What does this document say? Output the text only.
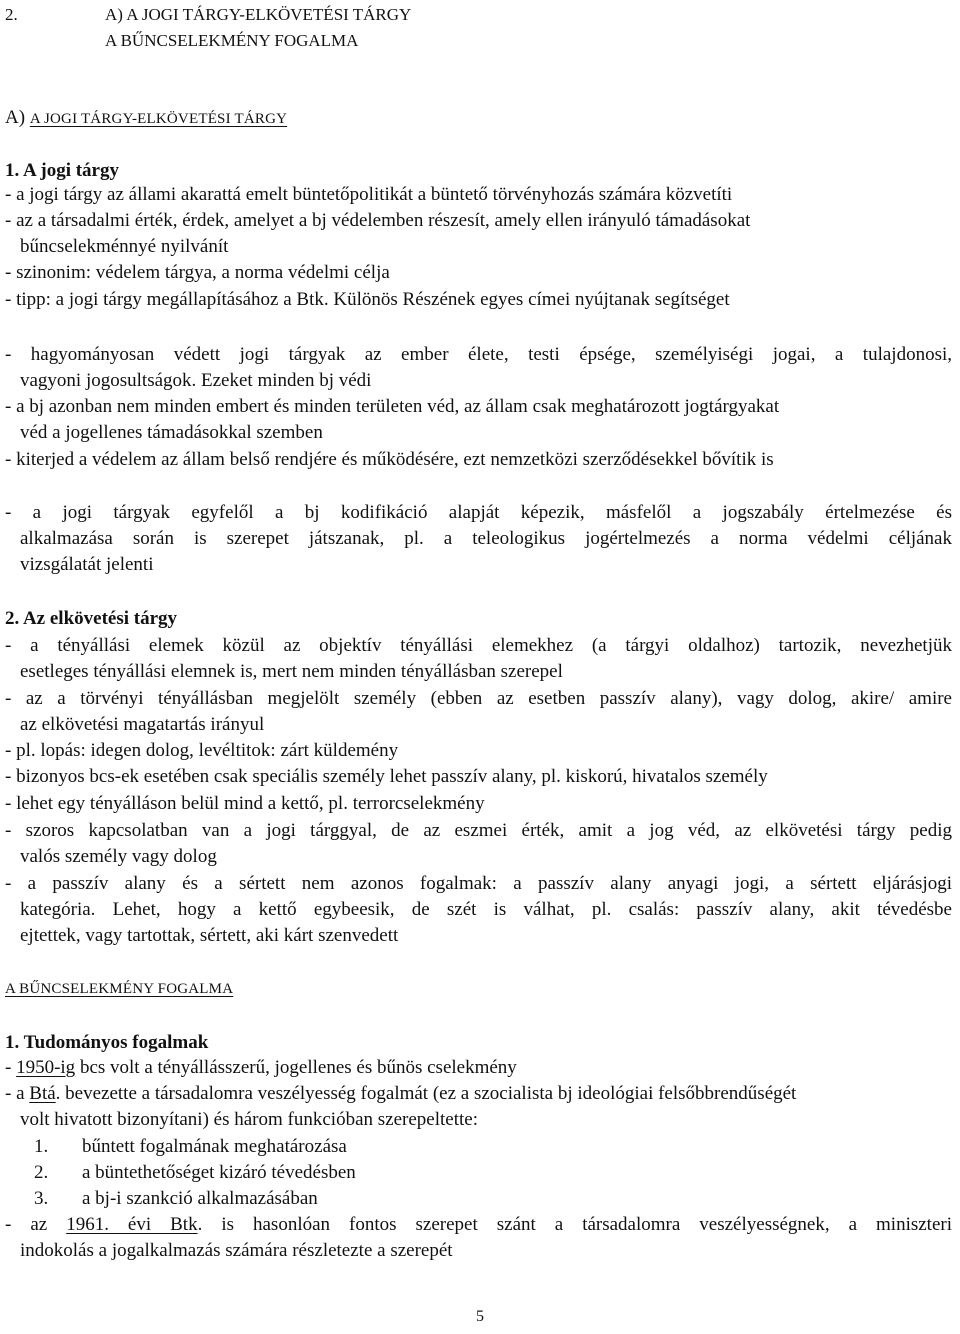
2.	A) A JOGI TÁRGY-ELKÖVETÉSI TÁRGY
A BŰNCSELEKMÉNY FOGALMA
A) A JOGI TÁRGY-ELKÖVETÉSI TÁRGY
1. A jogi tárgy
- a jogi tárgy az állami akarattá emelt büntetőpolitikát a büntető törvényhozás számára közvetíti
- az a társadalmi érték, érdek, amelyet a bj védelemben részesít, amely ellen irányuló támadásokat
bűncselekménnyé nyilvánít
- szinonim: védelem tárgya, a norma védelmi célja
- tipp: a jogi tárgy megállapításához a Btk. Különös Részének egyes címei nyújtanak segítséget
- hagyományosan védett jogi tárgyak az ember élete, testi épsége, személyiségi jogai, a tulajdonosi,
vagyoni jogosultságok. Ezeket minden bj védi
- a bj azonban nem minden embert és minden területen véd, az állam csak meghatározott jogtárgyakat
véd a jogellenes támadásokkal szemben
- kiterjed a védelem az állam belső rendjére és működésére, ezt nemzetközi szerződésekkel bővítik is
- a jogi tárgyak egyfelől a bj kodifikáció alapját képezik, másfelől a jogszabály értelmezése és
alkalmazása során is szerepet játszanak, pl. a teleologikus jogértelmezés a norma védelmi céljának
vizsgálatát jelenti
2. Az elkövetési tárgy
- a tényállási elemek közül az objektív tényállási elemekhez (a tárgyi oldalhoz) tartozik, nevezhetjük
esetleges tényállási elemnek is, mert nem minden tényállásban szerepel
- az a törvényi tényállásban megjelölt személy (ebben az esetben passzív alany), vagy dolog, akire/ amire
az elkövetési magatartás irányul
- pl. lopás: idegen dolog, levéltitok: zárt küldemény
- bizonyos bcs-ek esetében csak speciális személy lehet passzív alany, pl. kiskorú, hivatalos személy
- lehet egy tényálláson belül mind a kettő, pl. terrorcselekmény
- szoros kapcsolatban van a jogi tárggyal, de az eszmei érték, amit a jog véd, az elkövetési tárgy pedig
valós személy vagy dolog
- a passzív alany és a sértett nem azonos fogalmak: a passzív alany anyagi jogi, a sértett eljárásjogi
kategória. Lehet, hogy a kettő egybeesik, de szét is válhat, pl. csalás: passzív alany, akit tévedésbe
ejtettek, vagy tartottak, sértett, aki kárt szenvedett
A BŰNCSELEKMÉNY FOGALMA
1. Tudományos fogalmak
- 1950-ig bcs volt a tényállásszerű, jogellenes és bűnös cselekmény
- a Btá. bevezette a társadalomra veszélyesség fogalmát (ez a szocialista bj ideológiai felsőbbrendűségét
volt hivatott bizonyítani) és három funkcióban szerepeltette:
1. bűntett fogalmának meghatározása
2. a büntethetőséget kizáró tévedésben
3. a bj-i szankció alkalmazásában
- az 1961. évi Btk. is hasonlóan fontos szerepet szánt a társadalomra veszélyességnek, a miniszteri
indokolás a jogalkalmazás számára részletezte a szerepét
5
